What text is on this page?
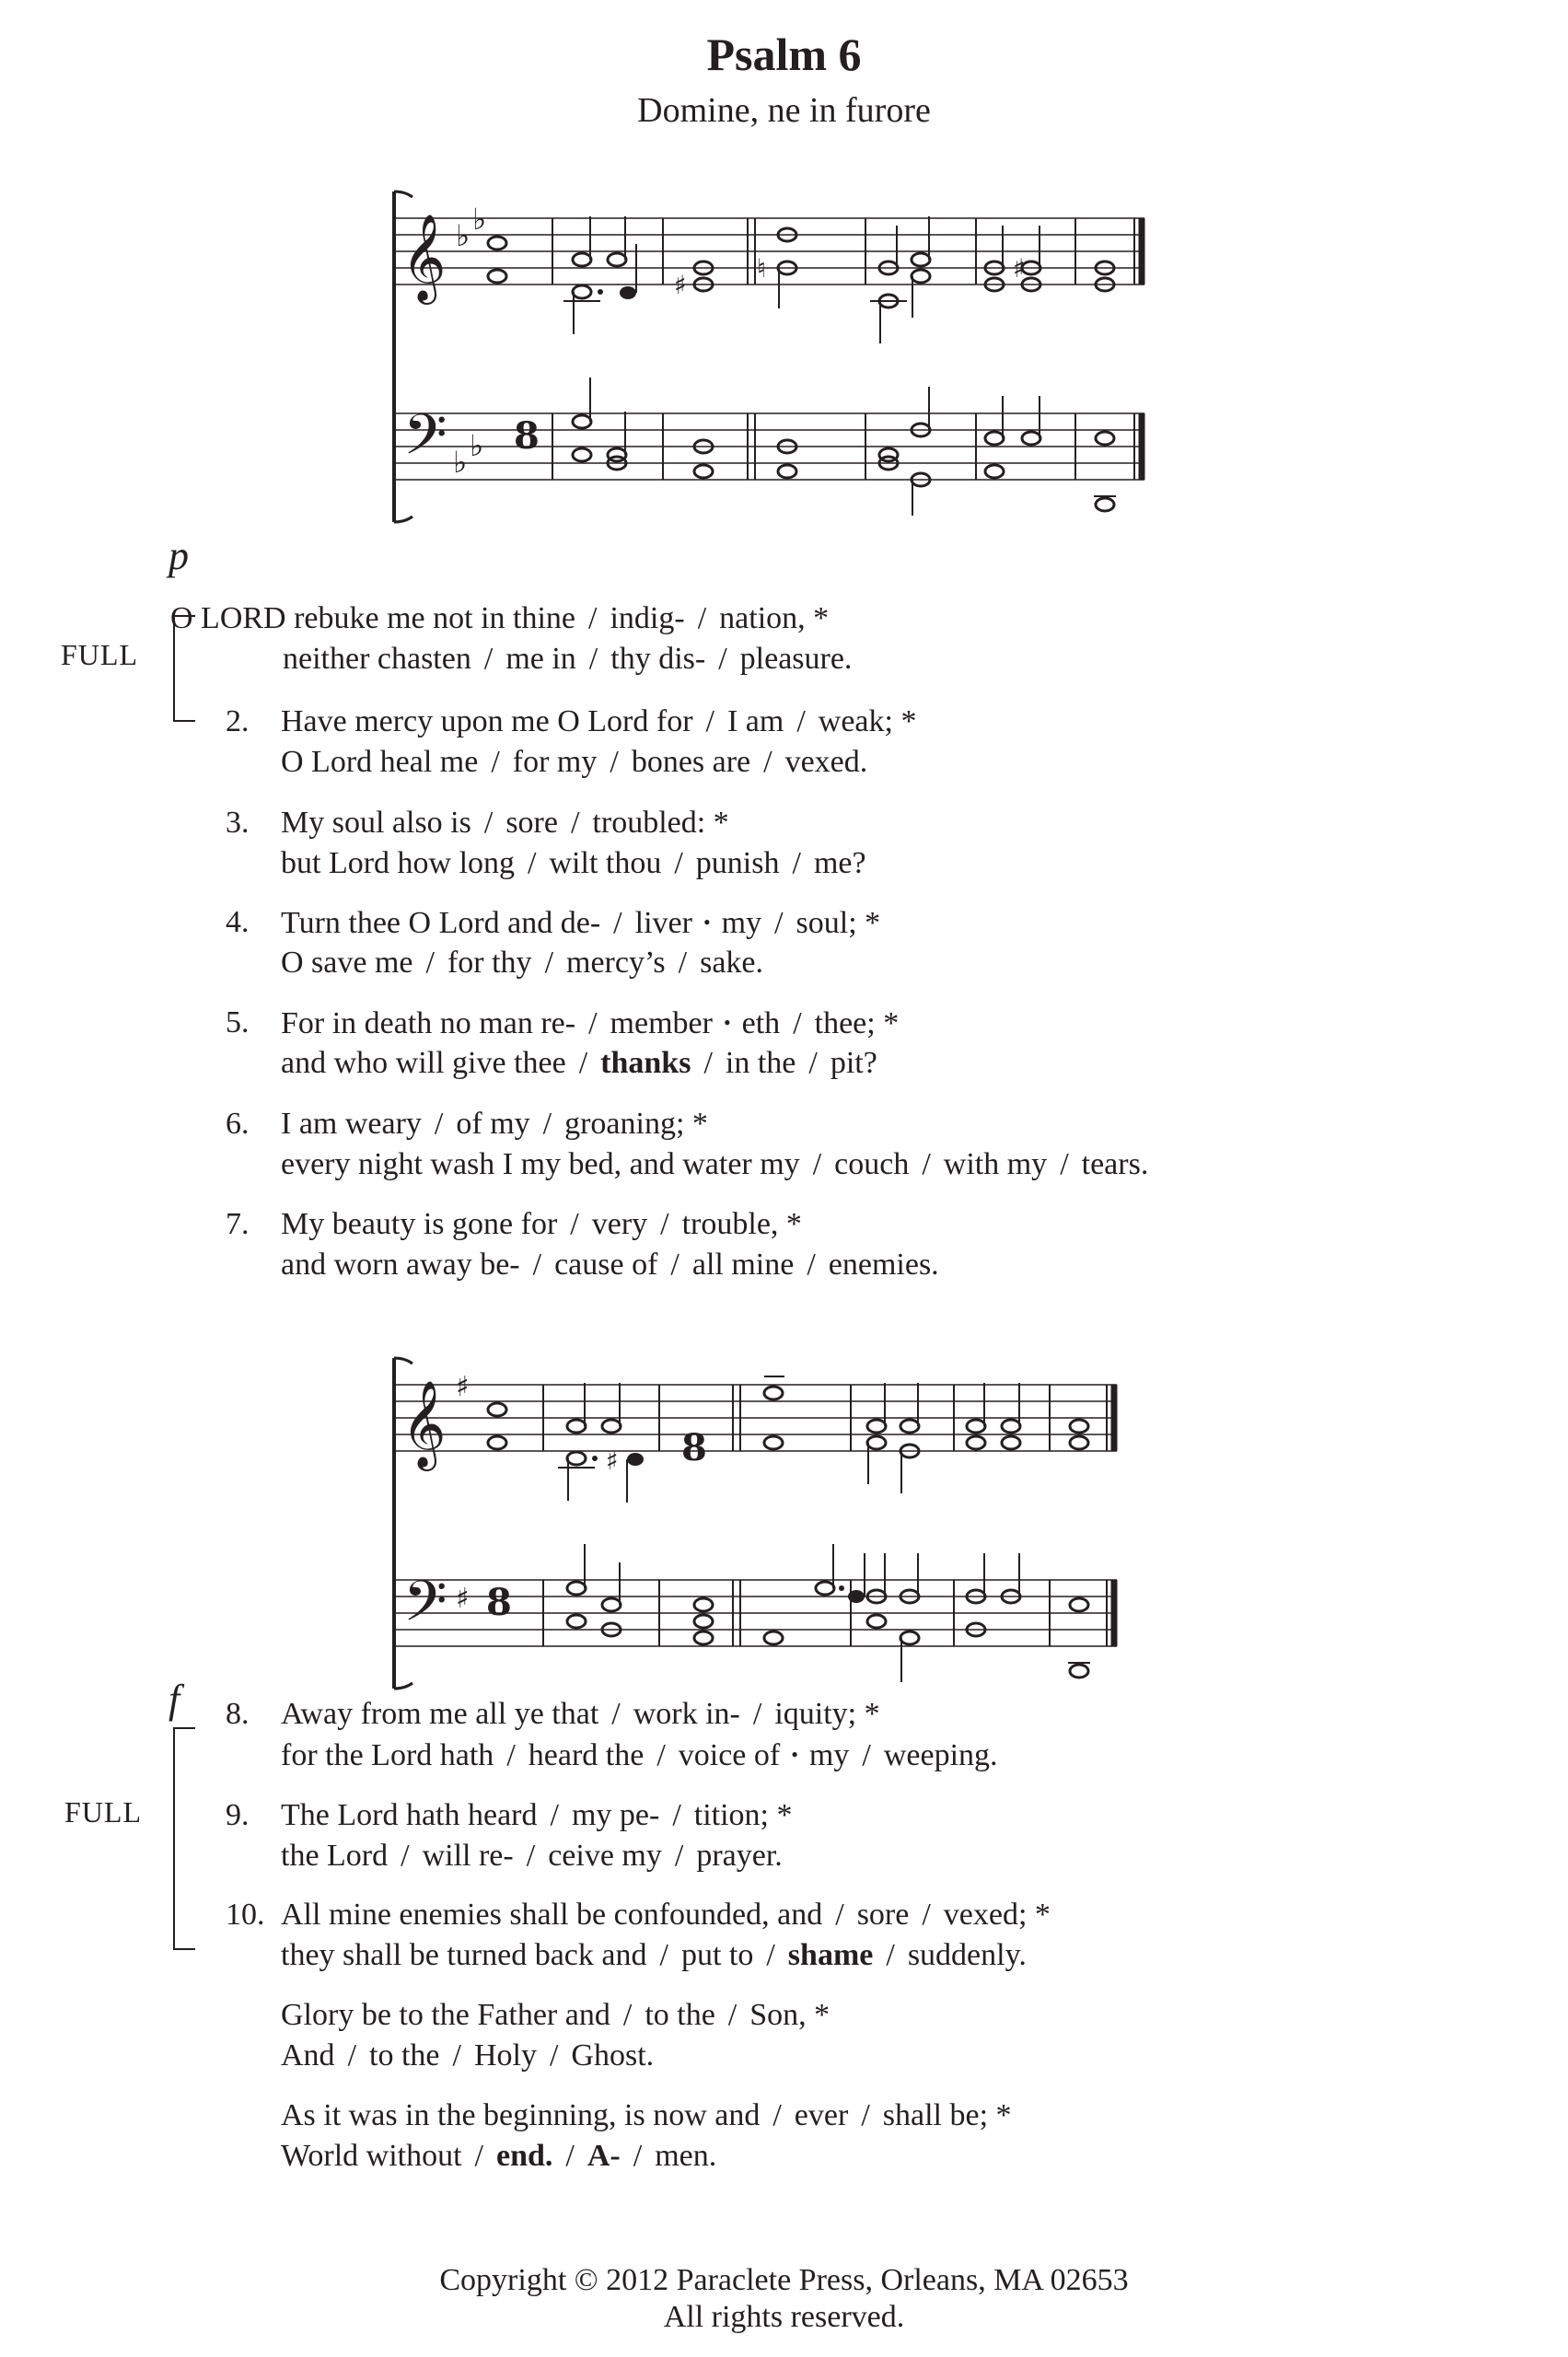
Psalm 6
Domine, ne in furore
𝄞
𝄢
♭ ♭
♭ ♭ 8
♯
♯
♮
p
FULL
O LORD rebuke me not in thine / indig- / nation, *
neither chasten / me in / thy dis- / pleasure.
2. Have mercy upon me O Lord for / I am / weak; *
O Lord heal me / for my / bones are / vexed.
3. My soul also is / sore / troubled: *
but Lord how long / wilt thou / punish / me?
4. Turn thee O Lord and de- / liver • my / soul; *
O save me / for thy / mercy’s / sake.
5. For in death no man re- / member • eth / thee; *
and who will give thee / thanks / in the / pit?
6. I am weary / of my / groaning; *
every night wash I my bed, and water my / couch / with my / tears.
7. My beauty is gone for / very / trouble, *
and worn away be- / cause of / all mine / enemies.
𝄞
𝄢
♯
♯ 8
8
♯
f
FULL
8. Away from me all ye that / work in- / iquity; *
for the Lord hath / heard the / voice of • my / weeping.
9. The Lord hath heard / my pe- / tition; *
the Lord / will re- / ceive my / prayer.
10. All mine enemies shall be confounded, and / sore / vexed; *
they shall be turned back and / put to / shame / suddenly.
Glory be to the Father and / to the / Son, *
And / to the / Holy / Ghost.
As it was in the beginning, is now and / ever / shall be; *
World without / end. / A- / men.
Copyright © 2012 Paraclete Press, Orleans, MA 02653
All rights reserved.
